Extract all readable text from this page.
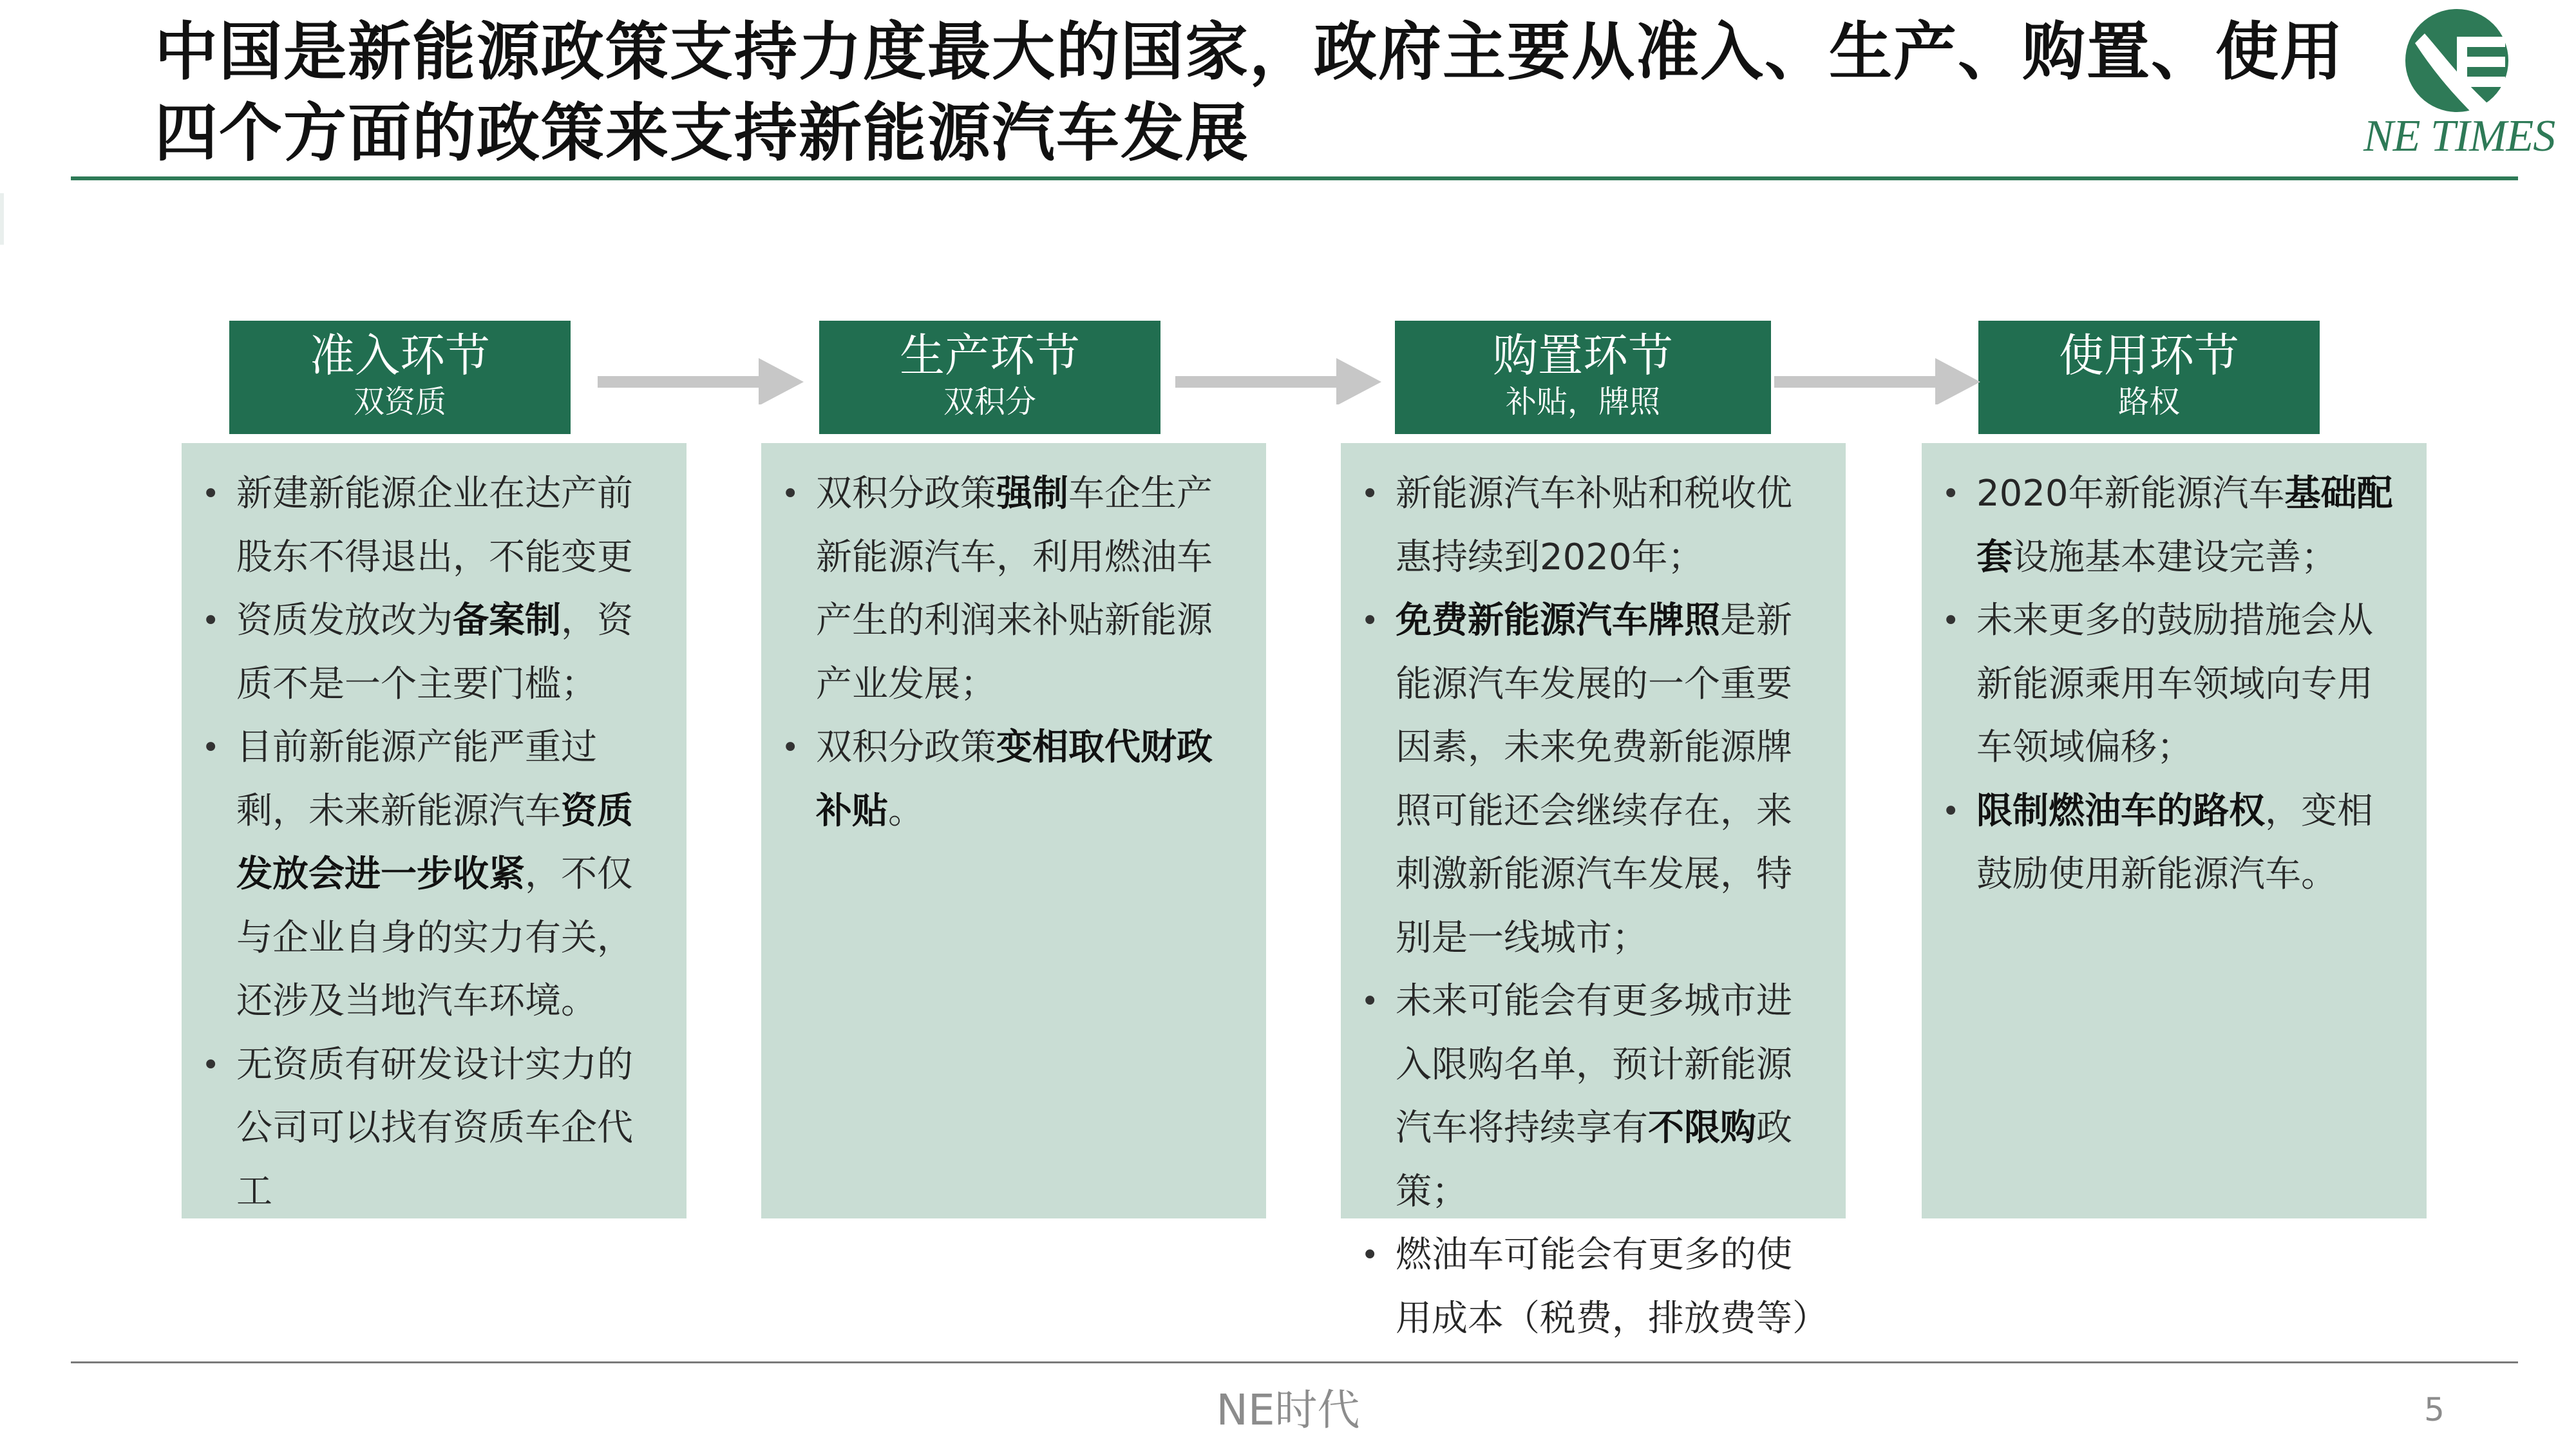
中国是新能源政策支持力度最大的国家，政府主要从准入、生产、购置、使用四个方面的政策来支持新能源汽车发展	NE TIMES
准入环节
双资质
生产环节
双积分
购置环节
补贴，牌照
使用环节
路权
• 新建新能源企业在达产前股东不得退出，不能变更
• 资质发放改为备案制，资质不是一个主要门槛；
• 目前新能源产能严重过剩，未来新能源汽车资质发放会进一步收紧，不仅与企业自身的实力有关，还涉及当地汽车环境。
• 无资质有研发设计实力的公司可以找有资质车企代工
• 双积分政策强制车企生产新能源汽车，利用燃油车产生的利润来补贴新能源产业发展；
• 双积分政策变相取代财政补贴。
• 新能源汽车补贴和税收优惠持续到2020年；
• 免费新能源汽车牌照是新能源汽车发展的一个重要因素，未来免费新能源牌照可能还会继续存在，来刺激新能源汽车发展，特别是一线城市；
• 未来可能会有更多城市进入限购名单，预计新能源汽车将持续享有不限购政策；
• 燃油车可能会有更多的使用成本（税费，排放费等）
• 2020年新能源汽车基础配套设施基本建设完善；
• 未来更多的鼓励措施会从新能源乘用车领域向专用车领域偏移；
• 限制燃油车的路权，变相鼓励使用新能源汽车。
NE时代	5
